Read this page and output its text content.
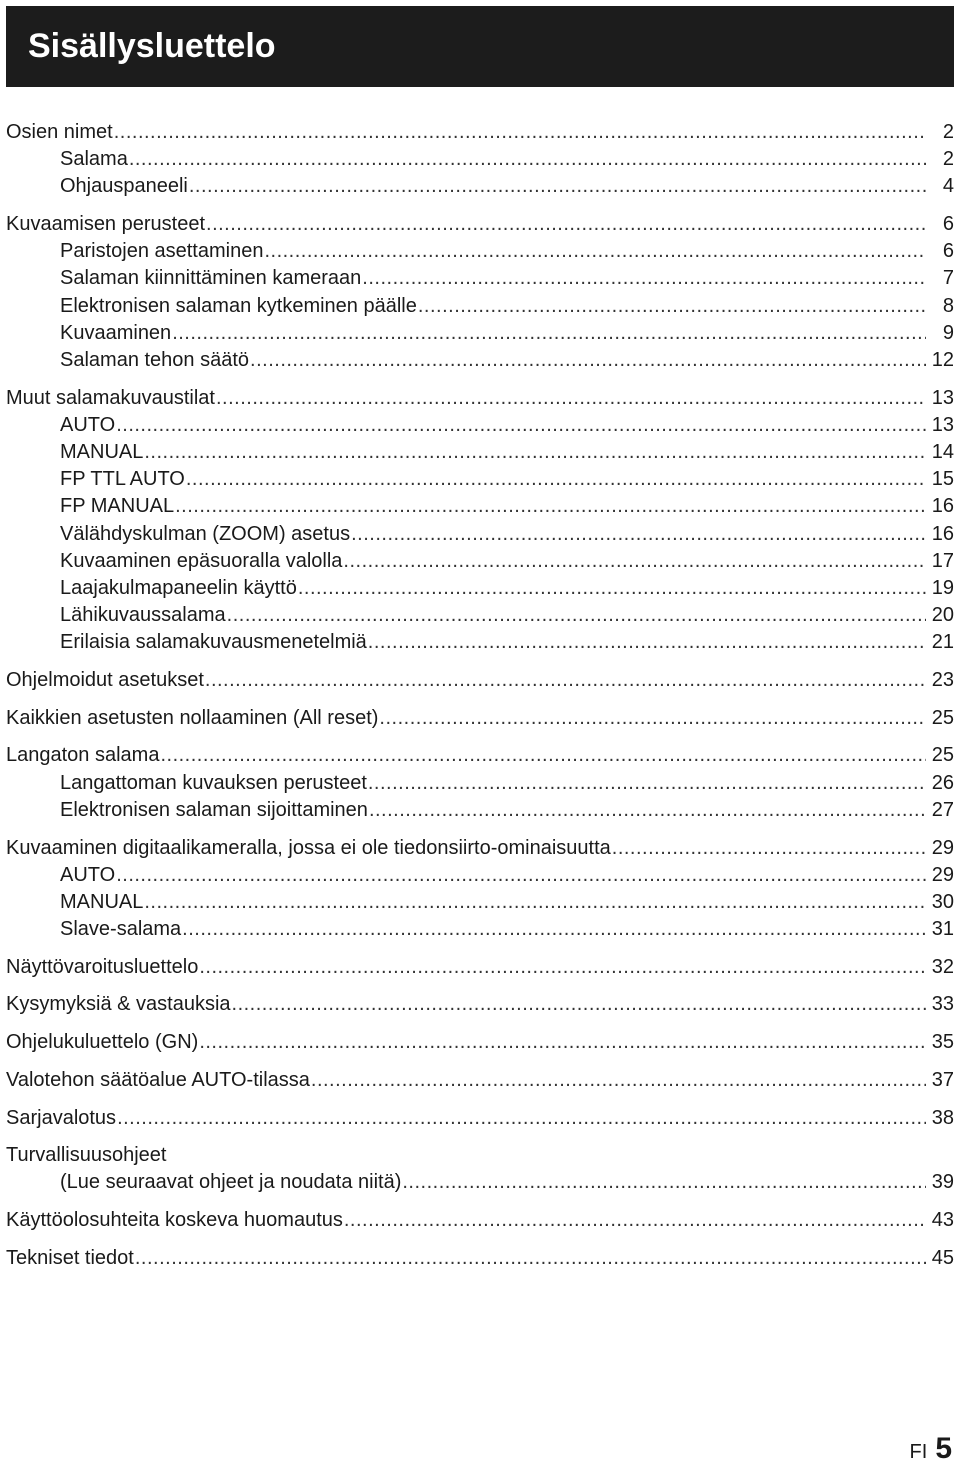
Sisällysluettelo
Osien nimet .....	2
Salama .....	2
Ohjauspaneeli .....	4
Kuvaamisen perusteet .....	6
Paristojen asettaminen .....	6
Salaman kiinnittäminen kameraan .....	7
Elektronisen salaman kytkeminen päälle .....	8
Kuvaaminen .....	9
Salaman tehon säätö .....	12
Muut salamakuvaustilat .....	13
AUTO .....	13
MANUAL .....	14
FP TTL AUTO .....	15
FP MANUAL .....	16
Välähdyskulman (ZOOM) asetus .....	16
Kuvaaminen epäsuoralla valolla .....	17
Laajakulmapaneelin käyttö .....	19
Lähikuvaussalama .....	20
Erilaisia salamakuvausmenetelmiä .....	21
Ohjelmoidut asetukset .....	23
Kaikkien asetusten nollaaminen (All reset) .....	25
Langaton salama .....	25
Langattoman kuvauksen perusteet .....	26
Elektronisen salaman sijoittaminen .....	27
Kuvaaminen digitaalikameralla, jossa ei ole tiedonsiirto-ominaisuutta .....	29
AUTO .....	29
MANUAL .....	30
Slave-salama .....	31
Näyttövaroitusluettelo .....	32
Kysymyksiä & vastauksia .....	33
Ohjelukuluettelo (GN) .....	35
Valotehon säätöalue AUTO-tilassa .....	37
Sarjavalotus .....	38
Turvallisuusohjeet
(Lue seuraavat ohjeet ja noudata niitä) .....	39
Käyttöolosuhteita koskeva huomautus .....	43
Tekniset tiedot .....	45
FI 5
